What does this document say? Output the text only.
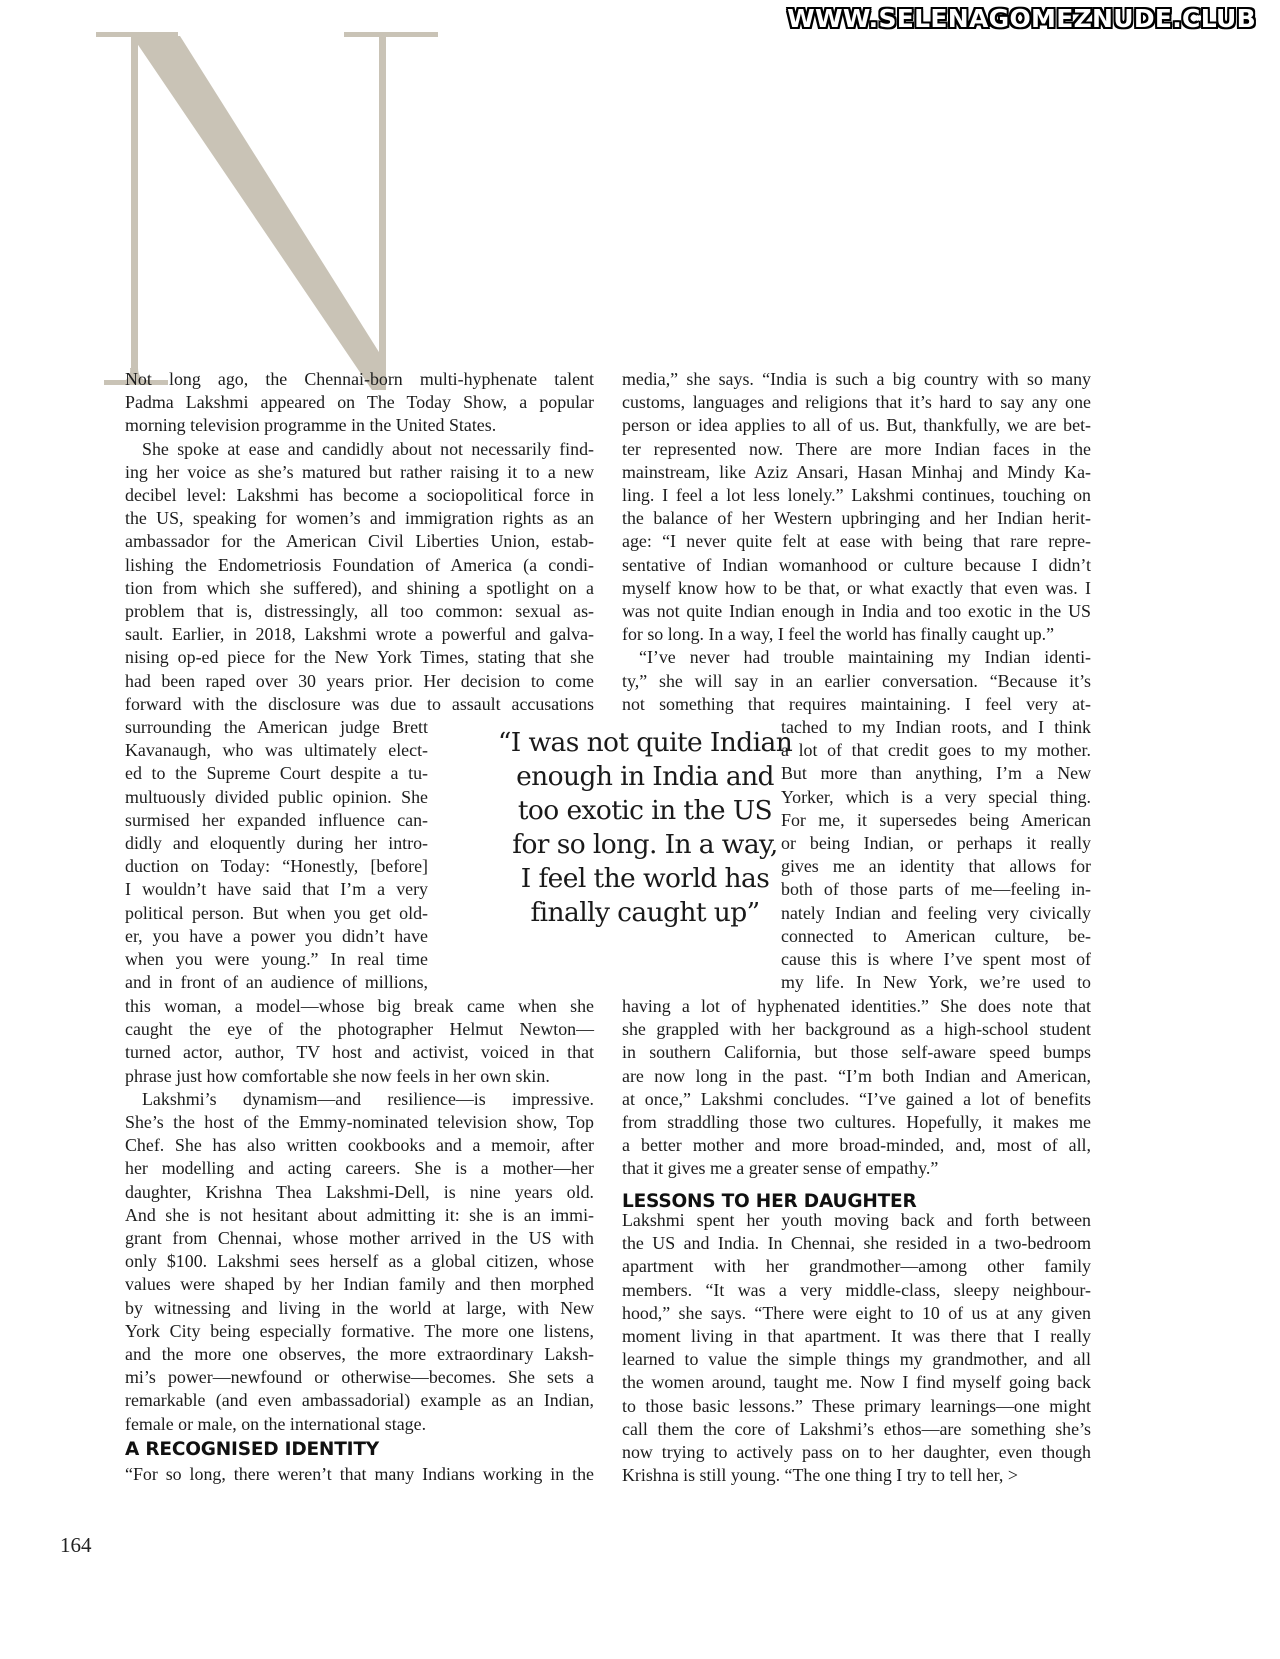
WWW.SELENAGOMEZNUDE.CLUB

Not long ago, the Chennai-born multi-hyphenate talent

Padma Lakshmi appeared on The Today Show, a popular

morning television programme in the United States.

She spoke at ease and candidly about not necessarily find-

ing her voice as she’s matured but rather raising it to a new

decibel level: Lakshmi has become a sociopolitical force in

the US, speaking for women’s and immigration rights as an

ambassador for the American Civil Liberties Union, estab-

lishing the Endometriosis Foundation of America (a condi-

tion from which she suffered), and shining a spotlight on a

problem that is, distressingly, all too common: sexual as-

sault. Earlier, in 2018, Lakshmi wrote a powerful and galva-

nising op-ed piece for the New York Times, stating that she

had been raped over 30 years prior. Her decision to come

forward with the disclosure was due to assault accusations

surrounding the American judge Brett

Kavanaugh, who was ultimately elect-

ed to the Supreme Court despite a tu-

multuously divided public opinion. She

surmised her expanded influence can-

didly and eloquently during her intro-

duction on Today: “Honestly, [before]

I wouldn’t have said that I’m a very

political person. But when you get old-

er, you have a power you didn’t have

when you were young.” In real time

and in front of an audience of millions,

this woman, a model—whose big break came when she

caught the eye of the photographer Helmut Newton—

turned actor, author, TV host and activist, voiced in that

phrase just how comfortable she now feels in her own skin.

Lakshmi’s dynamism—and resilience—is impressive.

She’s the host of the Emmy-nominated television show, Top

Chef. She has also written cookbooks and a memoir, after

her modelling and acting careers. She is a mother—her

daughter, Krishna Thea Lakshmi-Dell, is nine years old.

And she is not hesitant about admitting it: she is an immi-

grant from Chennai, whose mother arrived in the US with

only $100. Lakshmi sees herself as a global citizen, whose

values were shaped by her Indian family and then morphed

by witnessing and living in the world at large, with New

York City being especially formative. The more one listens,

and the more one observes, the more extraordinary Laksh-

mi’s power—newfound or otherwise—becomes. She sets a

remarkable (and even ambassadorial) example as an Indian,

female or male, on the international stage.

A RECOGNISED IDENTITY

“For so long, there weren’t that many Indians working in the

media,” she says. “India is such a big country with so many

customs, languages and religions that it’s hard to say any one

person or idea applies to all of us. But, thankfully, we are bet-

ter represented now. There are more Indian faces in the

mainstream, like Aziz Ansari, Hasan Minhaj and Mindy Ka-

ling. I feel a lot less lonely.” Lakshmi continues, touching on

the balance of her Western upbringing and her Indian herit-

age: “I never quite felt at ease with being that rare repre-

sentative of Indian womanhood or culture because I didn’t

myself know how to be that, or what exactly that even was. I

was not quite Indian enough in India and too exotic in the US

for so long. In a way, I feel the world has finally caught up.”

“I’ve never had trouble maintaining my Indian identi-

ty,” she will say in an earlier conversation. “Because it’s

not something that requires maintaining. I feel very at-

tached to my Indian roots, and I think

a lot of that credit goes to my mother.

But more than anything, I’m a New

Yorker, which is a very special thing.

For me, it supersedes being American

or being Indian, or perhaps it really

gives me an identity that allows for

both of those parts of me—feeling in-

nately Indian and feeling very civically

connected to American culture, be-

cause this is where I’ve spent most of

my life. In New York, we’re used to

having a lot of hyphenated identities.” She does note that

she grappled with her background as a high-school student

in southern California, but those self-aware speed bumps

are now long in the past. “I’m both Indian and American,

at once,” Lakshmi concludes. “I’ve gained a lot of benefits

from straddling those two cultures. Hopefully, it makes me

a better mother and more broad-minded, and, most of all,

that it gives me a greater sense of empathy.”

LESSONS TO HER DAUGHTER

Lakshmi spent her youth moving back and forth between

the US and India. In Chennai, she resided in a two-bedroom

apartment with her grandmother—among other family

members. “It was a very middle-class, sleepy neighbour-

hood,” she says. “There were eight to 10 of us at any given

moment living in that apartment. It was there that I really

learned to value the simple things my grandmother, and all

the women around, taught me. Now I find myself going back

to those basic lessons.” These primary learnings—one might

call them the core of Lakshmi’s ethos—are something she’s

now trying to actively pass on to her daughter, even though

Krishna is still young. “The one thing I try to tell her, >

“I was not quite Indian
enough in India and
too exotic in the US
for so long. In a way,
I feel the world has
finally caught up”
164
